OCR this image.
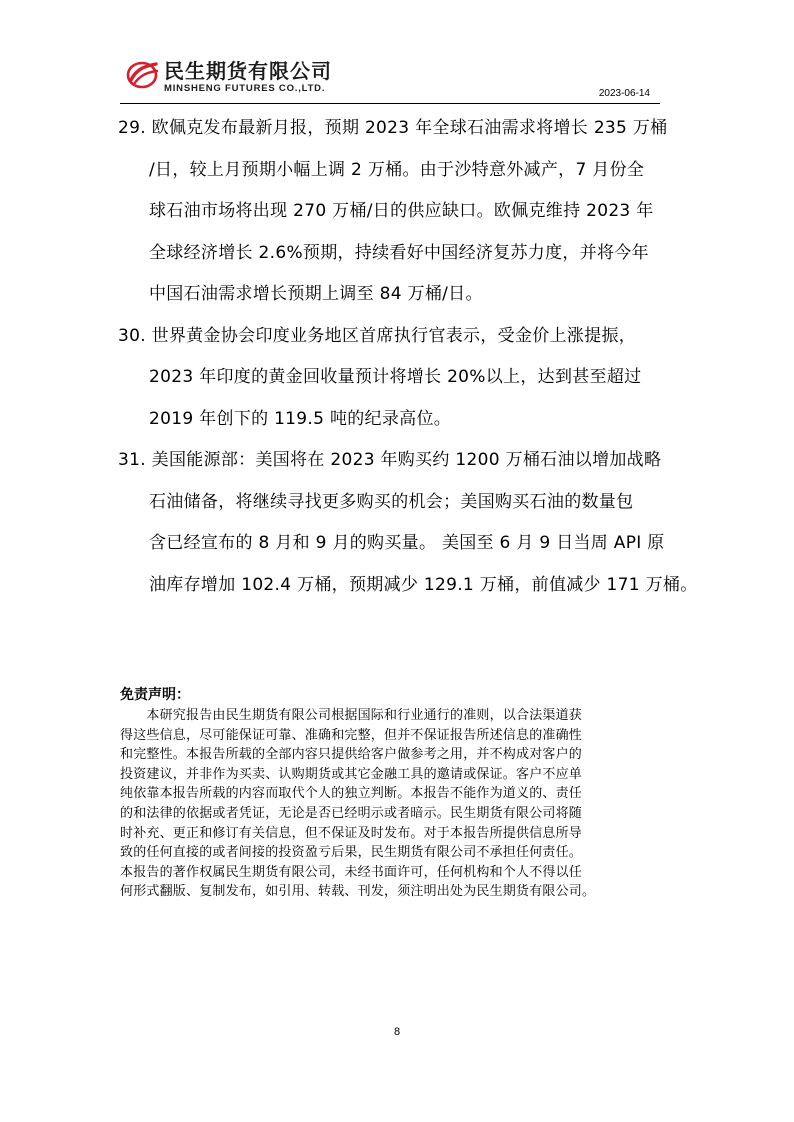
民生期货有限公司
MINSHENG FUTURES CO.,LTD.	2023-06-14
29. 欧佩克发布最新月报，预期 2023 年全球石油需求将增长 235 万桶
/日，较上月预期小幅上调 2 万桶。由于沙特意外减产，7 月份全
球石油市场将出现 270 万桶/日的供应缺口。欧佩克维持 2023 年
全球经济增长 2.6%预期，持续看好中国经济复苏力度，并将今年
中国石油需求增长预期上调至 84 万桶/日。
30. 世界黄金协会印度业务地区首席执行官表示，受金价上涨提振，
2023 年印度的黄金回收量预计将增长 20%以上，达到甚至超过
2019 年创下的 119.5 吨的纪录高位。
31. 美国能源部：美国将在 2023 年购买约 1200 万桶石油以增加战略
石油储备，将继续寻找更多购买的机会；美国购买石油的数量包
含已经宣布的 8 月和 9 月的购买量。 美国至 6 月 9 日当周 API 原
油库存增加 102.4 万桶，预期减少 129.1 万桶，前值减少 171 万桶。
免责声明：
　　本研究报告由民生期货有限公司根据国际和行业通行的准则，以合法渠道获
得这些信息，尽可能保证可靠、准确和完整，但并不保证报告所述信息的准确性
和完整性。本报告所载的全部内容只提供给客户做参考之用，并不构成对客户的
投资建议，并非作为买卖、认购期货或其它金融工具的邀请或保证。客户不应单
纯依靠本报告所载的内容而取代个人的独立判断。本报告不能作为道义的、责任
的和法律的依据或者凭证，无论是否已经明示或者暗示。民生期货有限公司将随
时补充、更正和修订有关信息，但不保证及时发布。对于本报告所提供信息所导
致的任何直接的或者间接的投资盈亏后果，民生期货有限公司不承担任何责任。
本报告的著作权属民生期货有限公司，未经书面许可，任何机构和个人不得以任
何形式翻版、复制发布，如引用、转载、刊发，须注明出处为民生期货有限公司。
8
